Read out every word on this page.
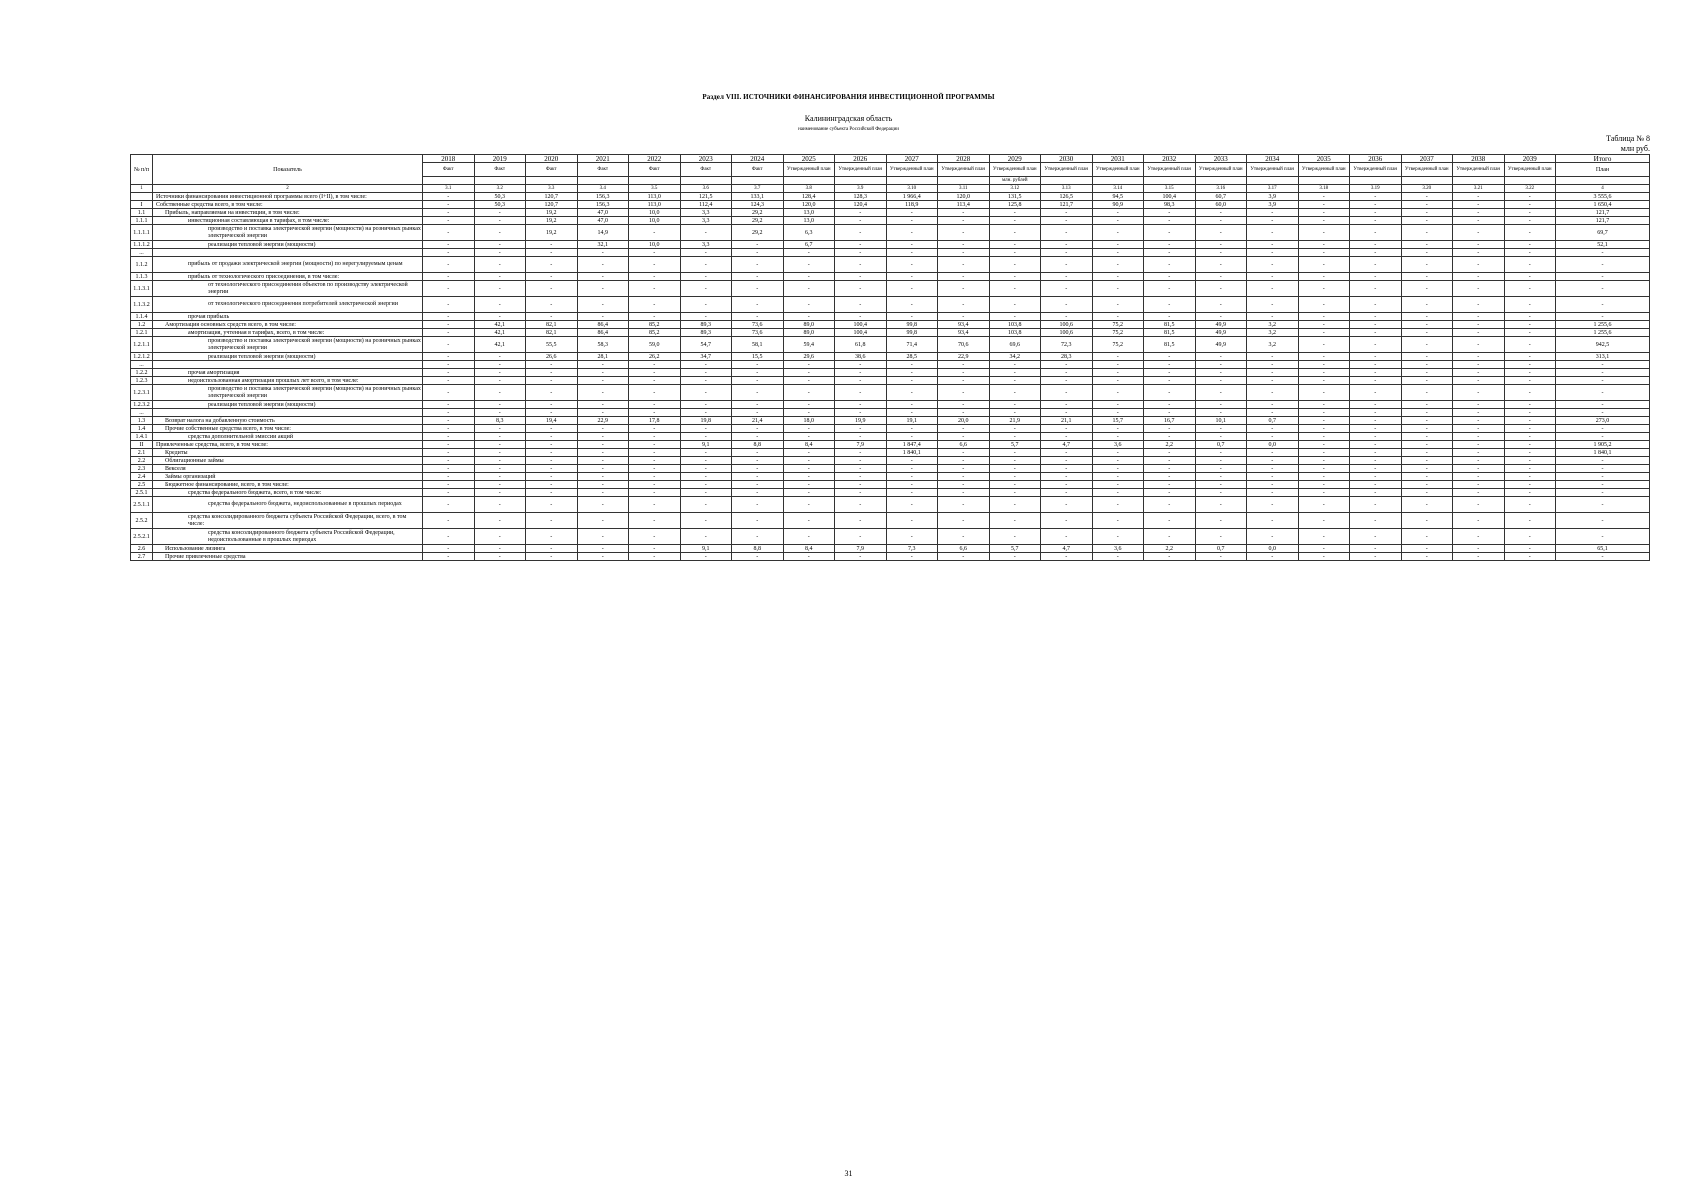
Раздел VIII. ИСТОЧНИКИ ФИНАНСИРОВАНИЯ ИНВЕСТИЦИОННОЙ ПРОГРАММЫ
Калининградская область
наименование субъекта Российской Федерации
Таблица № 8
млн руб.
№ п/п	Показатель	2018	2019	2020	2021	2022	2023	2024	2025	2026	2027	2028	2029	2030	2031	2032	2033	2034	2035	2036	2037	2038	2039	Итого
		Факт	Факт	Факт	Факт	Факт	Факт	Факт	Утвержденный план	Утвержденный план	Утвержденный план	Утвержденный план	Утвержденный план	Утвержденный план	Утвержденный план	Утвержденный план	Утвержденный план	Утвержденный план	Утвержденный план	Утвержденный план	Утвержденный план	Утвержденный план	Утвержденный план	План
													млн. рублей											
1	2	3.1	3.2	3.3	3.4	3.5	3.6	3.7	3.8	3.9	3.10	3.11	3.12	3.13	3.14	3.15	3.16	3.17	3.18	3.19	3.20	3.21	3.22	4
	Источники финансирования инвестиционной программы всего (I+II), в том числе:	-	50,3	120,7	156,3	113,0	121,5	133,1	128,4	128,3	1 966,4	120,0	131,5	126,5	94,5	100,4	60,7	3,9	-	-	-	-	-	3 555,6
I	Собственные средства всего, в том числе:	-	50,3	120,7	156,3	113,0	112,4	124,3	120,0	120,4	118,9	113,4	125,8	121,7	90,9	98,3	60,0	3,9	-	-	-	-	-	1 650,4
1.1	Прибыль, направляемая на инвестиции, в том числе:	-	-	19,2	47,0	10,0	3,3	29,2	13,0	-	-	-	-	-	-	-	-	-	-	-	-	-	-	121,7
1.1.1	инвестиционная составляющая в тарифах, в том числе:	-	-	19,2	47,0	10,0	3,3	29,2	13,0	-	-	-	-	-	-	-	-	-	-	-	-	-	-	121,7
1.1.1.1	производство и поставка электрической энергии (мощности) на розничных рынках электрической энергии	-	-	19,2	14,9	-	-	29,2	6,3	-	-	-	-	-	-	-	-	-	-	-	-	-	-	69,7
1.1.1.2	реализация тепловой энергии (мощности)	-	-	-	32,1	10,0	3,3	-	6,7	-	-	-	-	-	-	-	-	-	-	-	-	-	-	52,1
...		-	-	-	-	-	-	-	-	-	-	-	-	-	-	-	-	-	-	-	-	-	-	-
1.1.2	прибыль от продажи электрической энергии (мощности) по нерегулируемым ценам	-	-	-	-	-	-	-	-	-	-	-	-	-	-	-	-	-	-	-	-	-	-	-
1.1.3	прибыль от технологического присоединения, в том числе:	-	-	-	-	-	-	-	-	-	-	-	-	-	-	-	-	-	-	-	-	-	-	-
1.1.3.1	от технологического присоединения объектов по производству электрической энергии	-	-	-	-	-	-	-	-	-	-	-	-	-	-	-	-	-	-	-	-	-	-	-
1.1.3.2	от технологического присоединения потребителей электрической энергии	-	-	-	-	-	-	-	-	-	-	-	-	-	-	-	-	-	-	-	-	-	-	-
1.1.4	прочая прибыль	-	-	-	-	-	-	-	-	-	-	-	-	-	-	-	-	-	-	-	-	-	-	-
1.2	Амортизация основных средств всего, в том числе:	-	42,1	82,1	86,4	85,2	89,3	73,6	89,0	100,4	99,8	93,4	103,8	100,6	75,2	81,5	49,9	3,2	-	-	-	-	-	1 255,6
1.2.1	амортизация, учтенная в тарифах, всего, в том числе:	-	42,1	82,1	86,4	85,2	89,3	73,6	89,0	100,4	99,8	93,4	103,8	100,6	75,2	81,5	49,9	3,2	-	-	-	-	-	1 255,6
1.2.1.1	производство и поставка электрической энергии (мощности) на розничных рынках электрической энергии	-	42,1	55,5	58,3	59,0	54,7	58,1	59,4	61,8	71,4	70,6	69,6	72,3	75,2	81,5	49,9	3,2	-	-	-	-	-	942,5
1.2.1.2	реализация тепловой энергии (мощности)	-	-	26,6	28,1	26,2	34,7	15,5	29,6	38,6	28,5	22,9	34,2	28,3	-	-	-	-	-	-	-	-	-	313,1
...		-	-	-	-	-	-	-	-	-	-	-	-	-	-	-	-	-	-	-	-	-	-	-
1.2.2	прочая амортизация	-	-	-	-	-	-	-	-	-	-	-	-	-	-	-	-	-	-	-	-	-	-	-
1.2.3	недоиспользованная амортизация прошлых лет всего, в том числе:	-	-	-	-	-	-	-	-	-	-	-	-	-	-	-	-	-	-	-	-	-	-	-
1.2.3.1	производство и поставка электрической энергии (мощности) на розничных рынках электрической энергии	-	-	-	-	-	-	-	-	-	-	-	-	-	-	-	-	-	-	-	-	-	-	-
1.2.3.2	реализация тепловой энергии (мощности)	-	-	-	-	-	-	-	-	-	-	-	-	-	-	-	-	-	-	-	-	-	-	-
...		-	-	-	-	-	-	-	-	-	-	-	-	-	-	-	-	-	-	-	-	-	-	-
1.3	Возврат налога на добавленную стоимость	-	8,3	19,4	22,9	17,8	19,8	21,4	18,0	19,9	19,1	20,0	21,9	21,1	15,7	16,7	10,1	0,7	-	-	-	-	-	273,0
1.4	Прочие собственные средства всего, в том числе:	-	-	-	-	-	-	-	-	-	-	-	-	-	-	-	-	-	-	-	-	-	-	-
1.4.1	средства дополнительной эмиссии акций	-	-	-	-	-	-	-	-	-	-	-	-	-	-	-	-	-	-	-	-	-	-	-
II	Привлеченные средства, всего, в том числе:	-	-	-	-	-	9,1	8,8	8,4	7,9	1 847,4	6,6	5,7	4,7	3,6	2,2	0,7	0,0	-	-	-	-	-	1 905,2
2.1	Кредиты	-	-	-	-	-	-	-	-	-	1 840,1	-	-	-	-	-	-	-	-	-	-	-	-	1 840,1
2.2	Облигационные займы	-	-	-	-	-	-	-	-	-	-	-	-	-	-	-	-	-	-	-	-	-	-	-
2.3	Векселя	-	-	-	-	-	-	-	-	-	-	-	-	-	-	-	-	-	-	-	-	-	-	-
2.4	Займы организаций	-	-	-	-	-	-	-	-	-	-	-	-	-	-	-	-	-	-	-	-	-	-	-
2.5	Бюджетное финансирование, всего, в том числе:	-	-	-	-	-	-	-	-	-	-	-	-	-	-	-	-	-	-	-	-	-	-	-
2.5.1	средства федерального бюджета, всего, в том числе:	-	-	-	-	-	-	-	-	-	-	-	-	-	-	-	-	-	-	-	-	-	-	-
2.5.1.1	средства федерального бюджета, недоиспользованные в прошлых периодах	-	-	-	-	-	-	-	-	-	-	-	-	-	-	-	-	-	-	-	-	-	-	-
2.5.2	средства консолидированного бюджета субъекта Российской Федерации, всего, в том числе:	-	-	-	-	-	-	-	-	-	-	-	-	-	-	-	-	-	-	-	-	-	-	-
2.5.2.1	средства консолидированного бюджета субъекта Российской Федерации, недоиспользованные в прошлых периодах	-	-	-	-	-	-	-	-	-	-	-	-	-	-	-	-	-	-	-	-	-	-	-
2.6	Использование лизинга	-	-	-	-	-	9,1	8,8	8,4	7,9	7,3	6,6	5,7	4,7	3,6	2,2	0,7	0,0	-	-	-	-	-	65,1
2.7	Прочие привлеченные средства	-	-	-	-	-	-	-	-	-	-	-	-	-	-	-	-	-	-	-	-	-	-	-
31
